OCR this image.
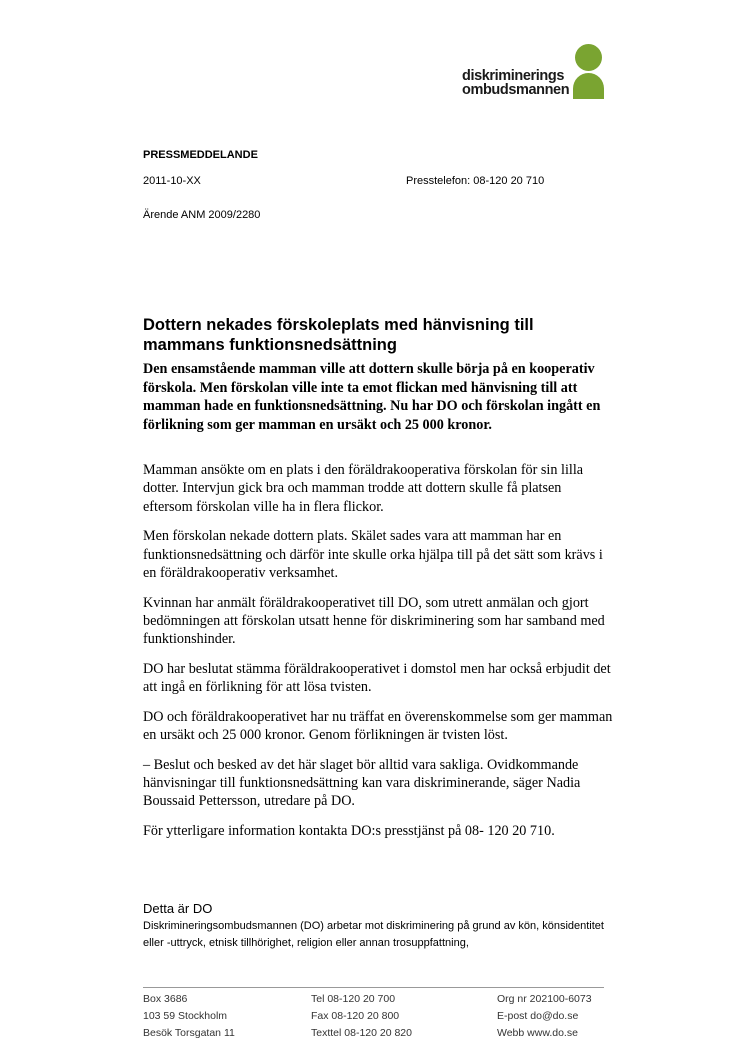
diskriminerings
ombudsmannen
PRESSMEDDELANDE
2011-10-XX	Presstelefon: 08-120 20 710
Ärende ANM 2009/2280
Dottern nekades förskoleplats med hänvisning till mammans funktionsnedsättning

Den ensamstående mamman ville att dottern skulle börja på en kooperativ förskola. Men förskolan ville inte ta emot flickan med hänvisning till att mamman hade en funktionsnedsättning. Nu har DO och förskolan ingått en förlikning som ger mamman en ursäkt och 25 000 kronor.

Mamman ansökte om en plats i den föräldrakooperativa förskolan för sin lilla dotter. Intervjun gick bra och mamman trodde att dottern skulle få platsen eftersom förskolan ville ha in flera flickor.

Men förskolan nekade dottern plats. Skälet sades vara att mamman har en funktionsnedsättning och därför inte skulle orka hjälpa till på det sätt som krävs i en föräldrakooperativ verksamhet.

Kvinnan har anmält föräldrakooperativet till DO, som utrett anmälan och gjort bedömningen att förskolan utsatt henne för diskriminering som har samband med funktionshinder.

DO har beslutat stämma föräldrakooperativet i domstol men har också erbjudit det att ingå en förlikning för att lösa tvisten.

DO och föräldrakooperativet har nu träffat en överenskommelse som ger mamman en ursäkt och 25 000 kronor. Genom förlikningen är tvisten löst.

– Beslut och besked av det här slaget bör alltid vara sakliga. Ovidkommande hänvisningar till funktionsnedsättning kan vara diskriminerande, säger Nadia Boussaid Pettersson, utredare på DO.

För ytterligare information kontakta DO:s presstjänst på 08- 120 20 710.

Detta är DO
Diskrimineringsombudsmannen (DO) arbetar mot diskriminering på grund av kön, könsidentitet eller -uttryck, etnisk tillhörighet, religion eller annan trosuppfattning,
Box 3686
103 59 Stockholm
Besök Torsgatan 11
Tel 08-120 20 700
Fax 08-120 20 800
Texttel 08-120 20 820
Org nr 202100-6073
E-post do@do.se
Webb www.do.se
